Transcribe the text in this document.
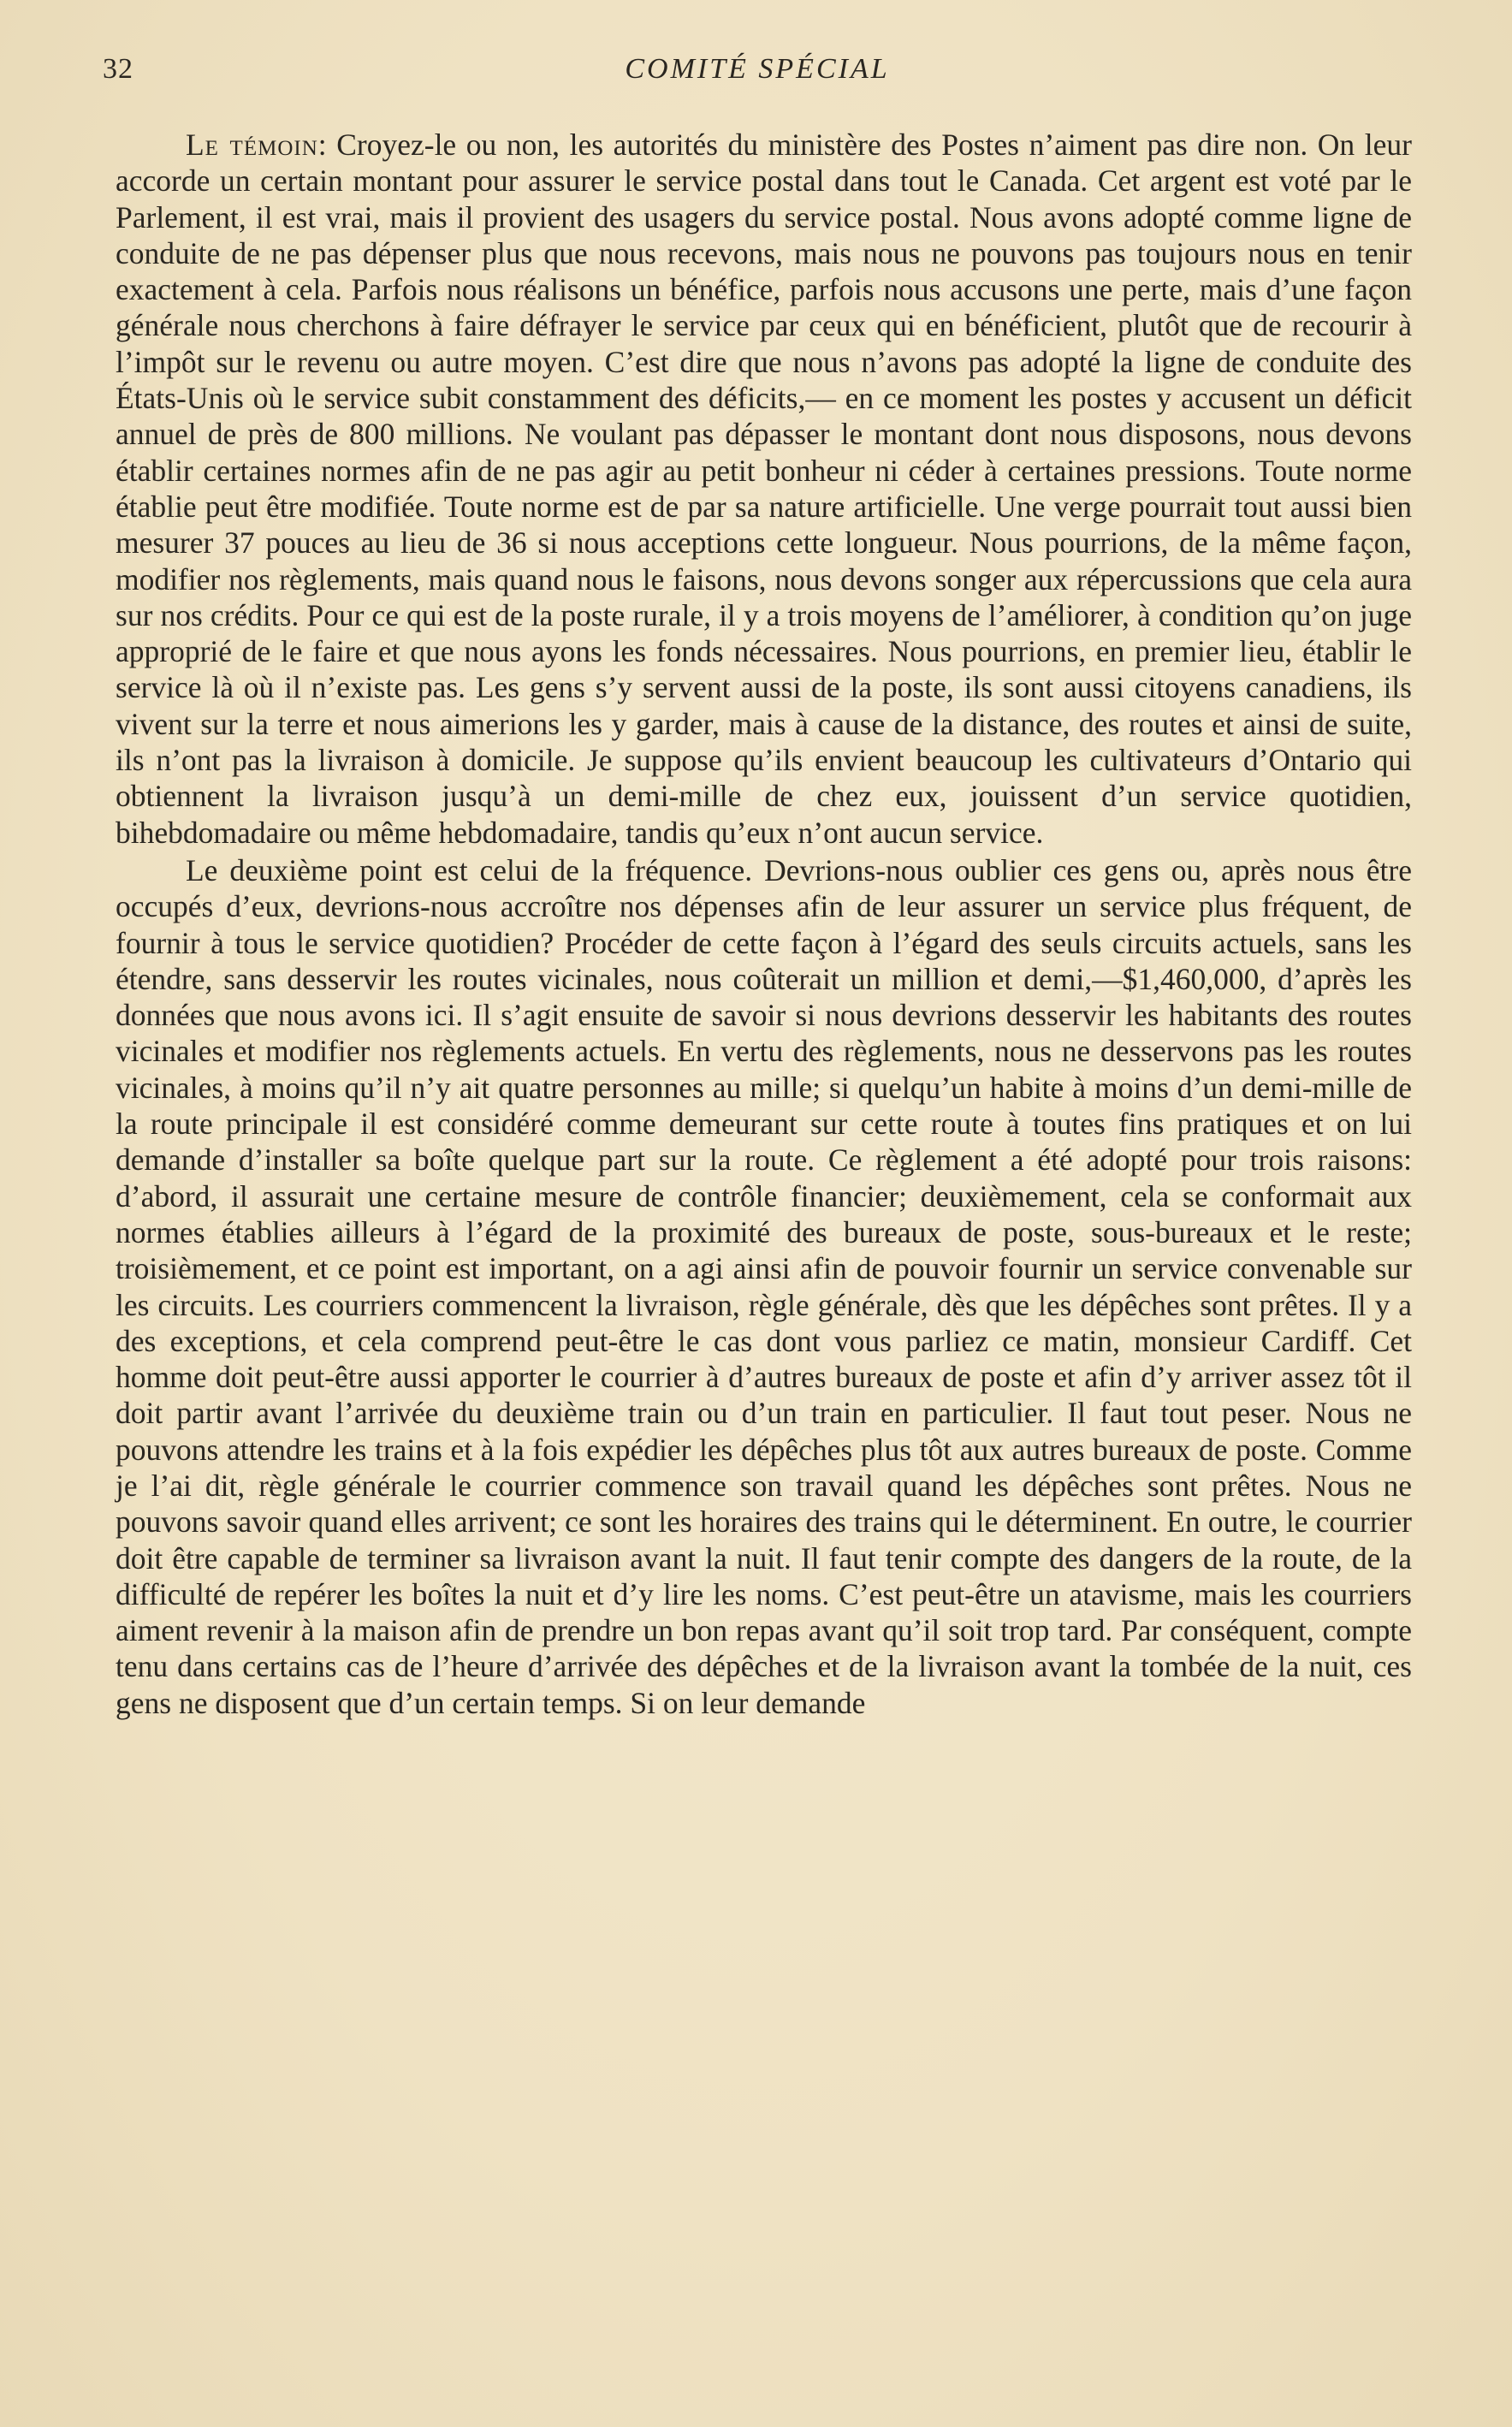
32	COMITÉ SPÉCIAL

Le témoin: Croyez-le ou non, les autorités du ministère des Postes n’aiment pas dire non. On leur accorde un certain montant pour assurer le service postal dans tout le Canada. Cet argent est voté par le Parlement, il est vrai, mais il provient des usagers du service postal. Nous avons adopté comme ligne de conduite de ne pas dépenser plus que nous recevons, mais nous ne pouvons pas toujours nous en tenir exactement à cela. Parfois nous réalisons un bénéfice, parfois nous accusons une perte, mais d’une façon générale nous cherchons à faire défrayer le service par ceux qui en bénéficient, plutôt que de recourir à l’impôt sur le revenu ou autre moyen. C’est dire que nous n’avons pas adopté la ligne de conduite des États-Unis où le service subit constamment des déficits,— en ce moment les postes y accusent un déficit annuel de près de 800 millions. Ne voulant pas dépasser le montant dont nous disposons, nous devons établir certaines normes afin de ne pas agir au petit bonheur ni céder à certaines pressions. Toute norme établie peut être modifiée. Toute norme est de par sa nature artificielle. Une verge pourrait tout aussi bien mesurer 37 pouces au lieu de 36 si nous acceptions cette longueur. Nous pourrions, de la même façon, modifier nos règlements, mais quand nous le faisons, nous devons songer aux répercussions que cela aura sur nos crédits. Pour ce qui est de la poste rurale, il y a trois moyens de l’améliorer, à condition qu’on juge approprié de le faire et que nous ayons les fonds nécessaires. Nous pourrions, en premier lieu, établir le service là où il n’existe pas. Les gens s’y servent aussi de la poste, ils sont aussi citoyens canadiens, ils vivent sur la terre et nous aimerions les y garder, mais à cause de la distance, des routes et ainsi de suite, ils n’ont pas la livraison à domicile. Je suppose qu’ils envient beaucoup les cultivateurs d’Ontario qui obtiennent la livraison jusqu’à un demi-mille de chez eux, jouissent d’un service quotidien, bihebdomadaire ou même hebdomadaire, tandis qu’eux n’ont aucun service.

Le deuxième point est celui de la fréquence. Devrions-nous oublier ces gens ou, après nous être occupés d’eux, devrions-nous accroître nos dépenses afin de leur assurer un service plus fréquent, de fournir à tous le service quotidien? Procéder de cette façon à l’égard des seuls circuits actuels, sans les étendre, sans desservir les routes vicinales, nous coûterait un million et demi,—$1,460,000, d’après les données que nous avons ici. Il s’agit ensuite de savoir si nous devrions desservir les habitants des routes vicinales et modifier nos règlements actuels. En vertu des règlements, nous ne desservons pas les routes vicinales, à moins qu’il n’y ait quatre personnes au mille; si quelqu’un habite à moins d’un demi-mille de la route principale il est considéré comme demeurant sur cette route à toutes fins pratiques et on lui demande d’installer sa boîte quelque part sur la route. Ce règlement a été adopté pour trois raisons: d’abord, il assurait une certaine mesure de contrôle financier; deuxièmement, cela se conformait aux normes établies ailleurs à l’égard de la proximité des bureaux de poste, sous-bureaux et le reste; troisièmement, et ce point est important, on a agi ainsi afin de pouvoir fournir un service convenable sur les circuits. Les courriers commencent la livraison, règle générale, dès que les dépêches sont prêtes. Il y a des exceptions, et cela comprend peut-être le cas dont vous parliez ce matin, monsieur Cardiff. Cet homme doit peut-être aussi apporter le courrier à d’autres bureaux de poste et afin d’y arriver assez tôt il doit partir avant l’arrivée du deuxième train ou d’un train en particulier. Il faut tout peser. Nous ne pouvons attendre les trains et à la fois expédier les dépêches plus tôt aux autres bureaux de poste. Comme je l’ai dit, règle générale le courrier commence son travail quand les dépêches sont prêtes. Nous ne pouvons savoir quand elles arrivent; ce sont les horaires des trains qui le déterminent. En outre, le courrier doit être capable de terminer sa livraison avant la nuit. Il faut tenir compte des dangers de la route, de la difficulté de repérer les boîtes la nuit et d’y lire les noms. C’est peut-être un atavisme, mais les courriers aiment revenir à la maison afin de prendre un bon repas avant qu’il soit trop tard. Par conséquent, compte tenu dans certains cas de l’heure d’arrivée des dépêches et de la livraison avant la tombée de la nuit, ces gens ne disposent que d’un certain temps. Si on leur demande
